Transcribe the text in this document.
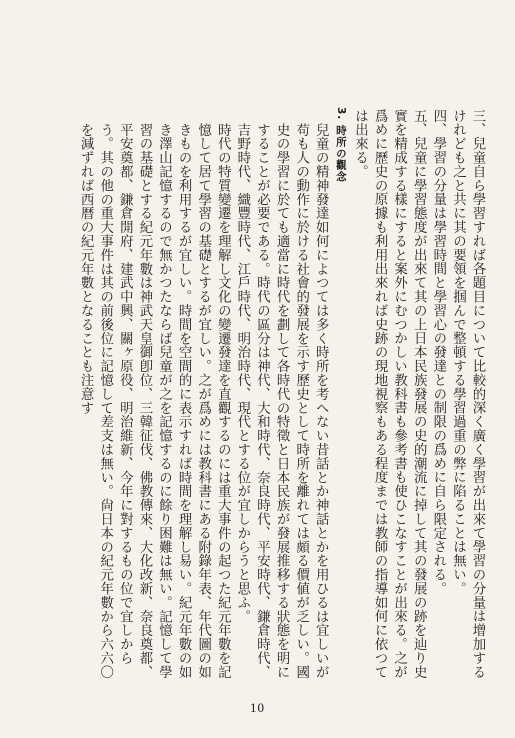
三、兒童自ら學習すれば各題目について比較的深く廣く學習が出來て學習の分量は增加するけれども之と共に其の要領を掴んで整頓する學習過重の弊に陷ることは無い。

四、學習の分量は學習時間と學習心の發達との制限の爲めに自ら限定される。

五、兒童に學習態度が出來て其の上日本民族發展の史的潮流に掉して其の發展の跡を辿り史實を精成する樣にすると案外にむつかしい教科書も參考書も使ひこなすことが出來る。之が爲めに歷史の原據も利用出來れば史跡の現地視察もある程度までは教師の指導如何に依つては出來る。

3. 時所の觀念

兒童の精神發達如何によつては多く時所を考へない昔話とか神話とかを用ひるは宜しいが苟も人の動作に於ける社會的發展を示す歷史として時所を離れては頗る價値が乏しい。國史の學習に於ても適當に時代を劃して各時代の特徵と日本民族が發展推移する狀態を明にすることが必要である。時代の區分は神代、大和時代、奈良時代、平安時代、鎌倉時代、吉野時代、織豐時代、江戶時代、明治時代、現代とする位が宜しからうと思ふ。

時代の特質變遷を理解し文化の變遷發達を直觀するのには重大事件の起つた紀元年數を記憶して居て學習の基礎とするが宜しい。之が爲めには教科書にある附錄年表、年代圖の如きものを利用するが宜しい。時間を空間的に表示すれば時間を理解し易い。紀元年數の如き澤山記憶するので無かつたならば兒童が之を記憶するのに餘り困難は無い。記憶して學習の基礎とする紀元年數は神武天皇御卽位、三韓征伐、佛教傳來、大化改新、奈良奠都、平安奠都、鎌倉開府、建武中興、關ヶ原役、明治維新、今年に對するもの位で宜しからう。其の他の重大事件は其の前後位に記憶して差支は無い。尙日本の紀元年數から六六〇を減ずれば西暦の紀元年數となることも注意す

10
